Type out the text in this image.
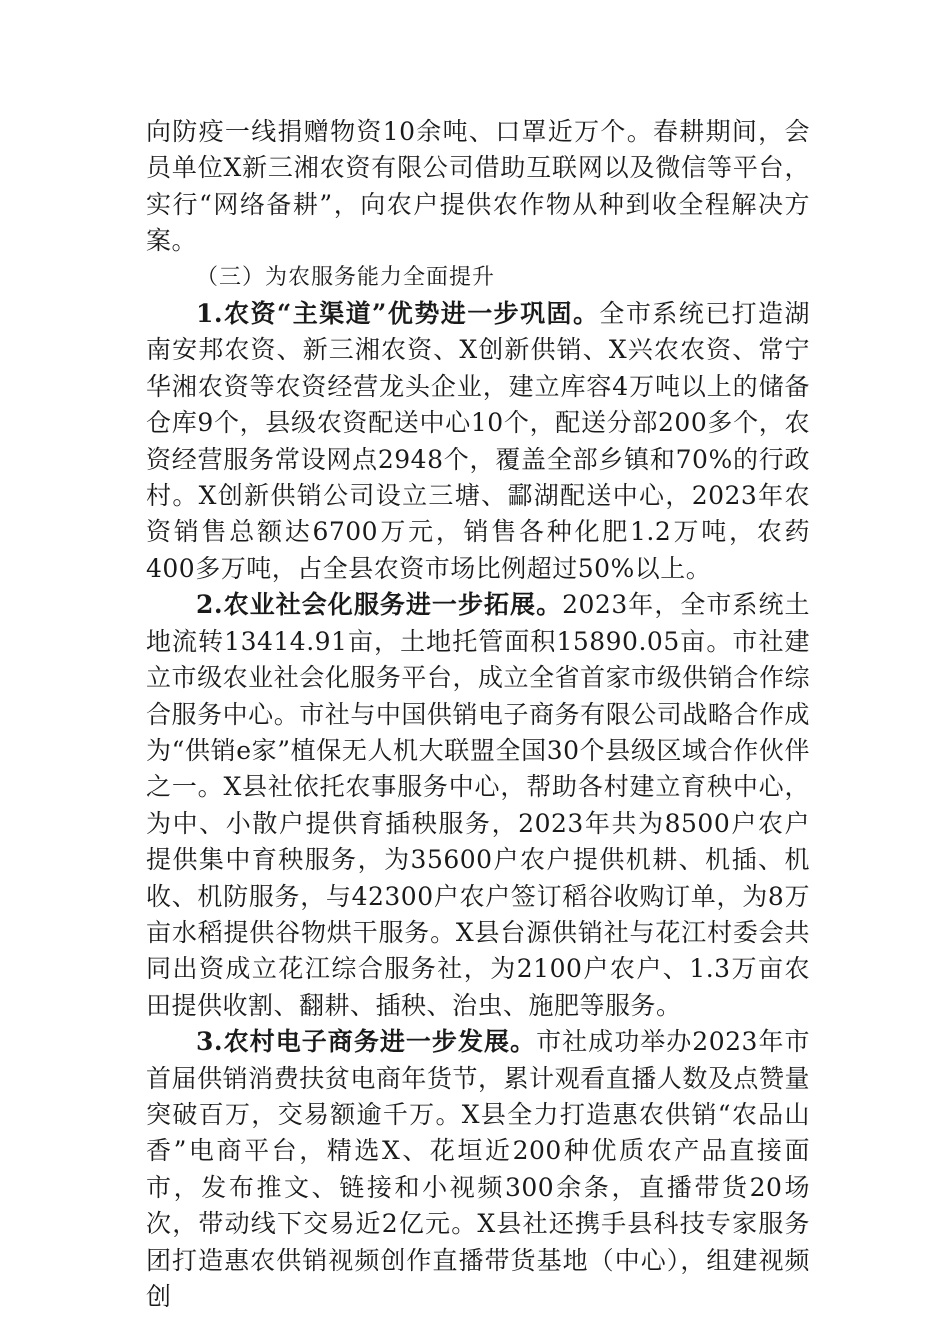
向防疫一线捐赠物资10余吨、口罩近万个。春耕期间，会员单位X新三湘农资有限公司借助互联网以及微信等平台，实行“网络备耕”，向农户提供农作物从种到收全程解决方案。

（三）为农服务能力全面提升

1.农资“主渠道”优势进一步巩固。全市系统已打造湖南安邦农资、新三湘农资、X创新供销、X兴农农资、常宁华湘农资等农资经营龙头企业，建立库容4万吨以上的储备仓库9个，县级农资配送中心10个，配送分部200多个，农资经营服务常设网点2948个，覆盖全部乡镇和70%的行政村。X创新供销公司设立三塘、酃湖配送中心，2023年农资销售总额达6700万元，销售各种化肥1.2万吨，农药400多万吨，占全县农资市场比例超过50%以上。

2.农业社会化服务进一步拓展。2023年，全市系统土地流转13414.91亩，土地托管面积15890.05亩。市社建立市级农业社会化服务平台，成立全省首家市级供销合作综合服务中心。市社与中国供销电子商务有限公司战略合作成为“供销e家”植保无人机大联盟全国30个县级区域合作伙伴之一。X县社依托农事服务中心，帮助各村建立育秧中心，为中、小散户提供育插秧服务，2023年共为8500户农户提供集中育秧服务，为35600户农户提供机耕、机插、机收、机防服务，与42300户农户签订稻谷收购订单，为8万亩水稻提供谷物烘干服务。X县台源供销社与花江村委会共同出资成立花江综合服务社，为2100户农户、1.3万亩农田提供收割、翻耕、插秧、治虫、施肥等服务。

3.农村电子商务进一步发展。市社成功举办2023年市首届供销消费扶贫电商年货节，累计观看直播人数及点赞量突破百万，交易额逾千万。X县全力打造惠农供销“农品山香”电商平台，精选X、花垣近200种优质农产品直接面市，发布推文、链接和小视频300余条，直播带货20场次，带动线下交易近2亿元。X县社还携手县科技专家服务团打造惠农供销视频创作直播带货基地（中心），组建视频创
